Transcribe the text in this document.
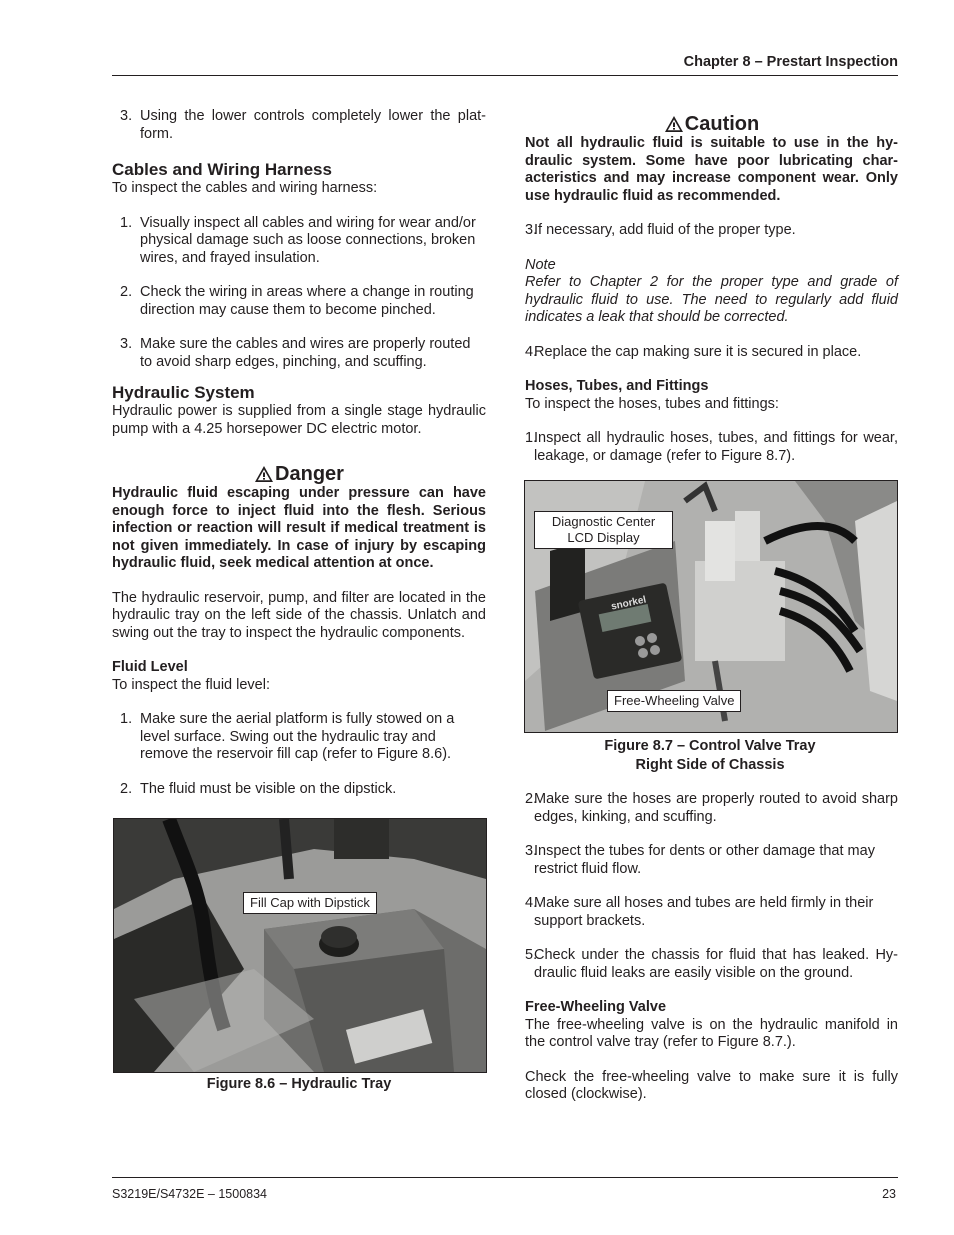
Chapter 8 – Prestart Inspection
3. Using the lower controls completely lower the plat-form.
Cables and Wiring Harness

To inspect the cables and wiring harness:

1. Visually inspect all cables and wiring for wear and/or physical damage such as loose connections, broken wires, and frayed insulation.
2. Check the wiring in areas where a change in routing direction may cause them to become pinched.
3. Make sure the cables and wires are properly routed to avoid sharp edges, pinching, and scuffing.
Hydraulic System

Hydraulic power is supplied from a single stage hydraulic pump with a 4.25 horsepower DC electric motor.

Danger

Hydraulic fluid escaping under pressure can have enough force to inject fluid into the flesh. Serious infection or reaction will result if medical treatment is not given immediately. In case of injury by escaping hydraulic fluid, seek medical attention at once.

The hydraulic reservoir, pump, and filter are located in the hydraulic tray on the left side of the chassis. Unlatch and swing out the tray to inspect the hydraulic components.

Fluid Level

To inspect the fluid level:

1. Make sure the aerial platform is fully stowed on a level surface. Swing out the hydraulic tray and remove the reservoir fill cap (refer to Figure 8.6).
2. The fluid must be visible on the dipstick.
Fill Cap with Dipstick
Figure 8.6 – Hydraulic Tray
Caution

Not all hydraulic fluid is suitable to use in the hy-draulic system. Some have poor lubricating char-acteristics and may increase component wear. Only use hydraulic fluid as recommended.

3.
If necessary, add fluid of the proper type.

Note

Refer to Chapter 2 for the proper type and grade of hydraulic fluid to use. The need to regularly add fluid indicates a leak that should be corrected.

4.
Replace the cap making sure it is secured in place.
Hoses, Tubes, and Fittings

To inspect the hoses, tubes and fittings:

1.
Inspect all hydraulic hoses, tubes, and fittings for wear, leakage, or damage (refer to Figure 8.7).
snorkel
Diagnostic Center LCD Display
Free-Wheeling Valve
Figure 8.7 – Control Valve Tray
Right Side of Chassis
2.
Make sure the hoses are properly routed to avoid sharp edges, kinking, and scuffing.
3.
Inspect the tubes for dents or other damage that may restrict fluid flow.
4.
Make sure all hoses and tubes are held firmly in their support brackets.
5.
Check under the chassis for fluid that has leaked. Hy-draulic fluid leaks are easily visible on the ground.
Free-Wheeling Valve

The free-wheeling valve is on the hydraulic manifold in the control valve tray (refer to Figure 8.7.).

Check the free-wheeling valve to make sure it is fully closed (clockwise).

S3219E/S4732E – 1500834	23
